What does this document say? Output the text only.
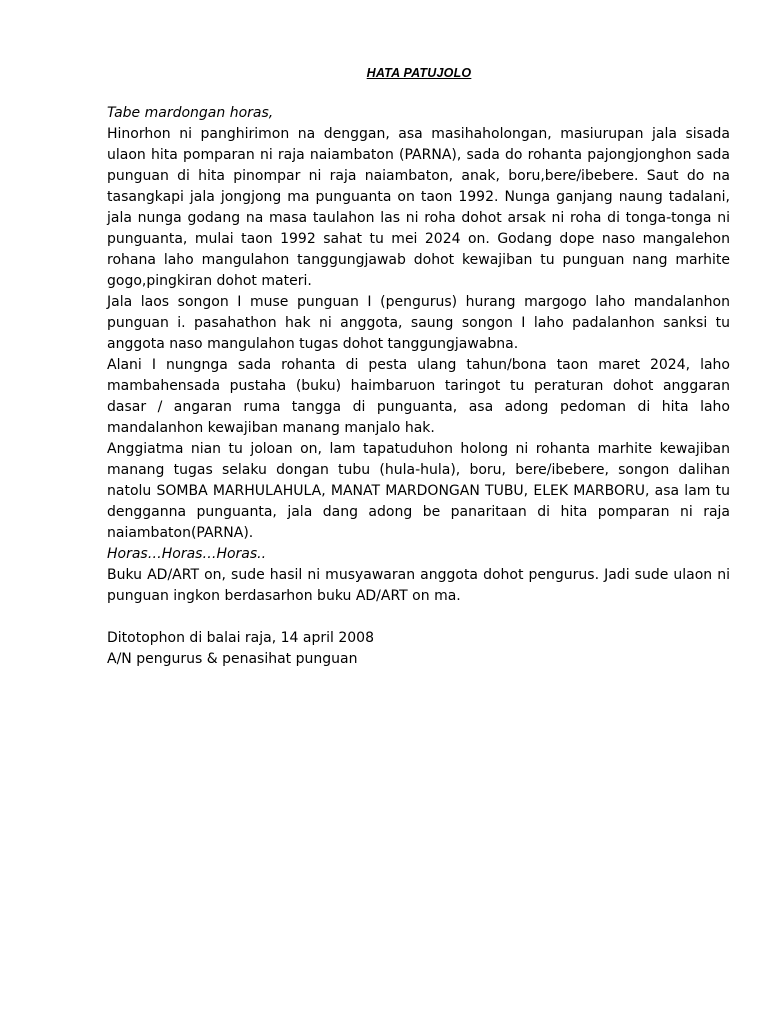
HATA PATUJOLO

Tabe mardongan horas,

Hinorhon ni panghirimon na denggan, asa masihaholongan, masiurupan jala sisada ulaon hita pomparan ni raja naiambaton (PARNA), sada do rohanta pajongjonghon sada punguan di hita pinompar ni raja naiambaton, anak, boru,bere/ibebere. Saut do na tasangkapi jala jongjong ma punguanta on taon 1992. Nunga ganjang naung tadalani, jala nunga godang na masa taulahon las ni roha dohot arsak ni roha di tonga-tonga ni punguanta, mulai taon 1992 sahat tu mei 2024 on. Godang dope naso mangalehon rohana laho mangulahon tanggungjawab dohot kewajiban tu punguan nang marhite gogo,pingkiran dohot materi.

Jala laos songon I muse punguan I (pengurus) hurang margogo laho mandalanhon punguan i. pasahathon hak ni anggota, saung songon I laho padalanhon sanksi tu anggota naso mangulahon tugas dohot tanggungjawabna.

Alani I nungnga sada rohanta di pesta ulang tahun/bona taon maret 2024, laho mambahensada pustaha (buku) haimbaruon taringot tu peraturan dohot anggaran dasar / angaran ruma tangga di punguanta, asa adong pedoman di hita laho mandalanhon kewajiban manang manjalo hak.

Anggiatma nian tu joloan on, lam tapatuduhon holong ni rohanta marhite kewajiban manang tugas selaku dongan tubu (hula-hula), boru, bere/ibebere, songon dalihan natolu SOMBA MARHULAHULA, MANAT MARDONGAN TUBU, ELEK MARBORU, asa lam tu dengganna punguanta, jala dang adong be panaritaan di hita pomparan ni raja naiambaton(PARNA).

Horas…Horas…Horas..

Buku AD/ART on, sude hasil ni musyawaran anggota dohot pengurus. Jadi sude ulaon ni punguan ingkon berdasarhon buku AD/ART on ma.

Ditotophon di balai raja, 14 april 2008

A/N pengurus & penasihat punguan
